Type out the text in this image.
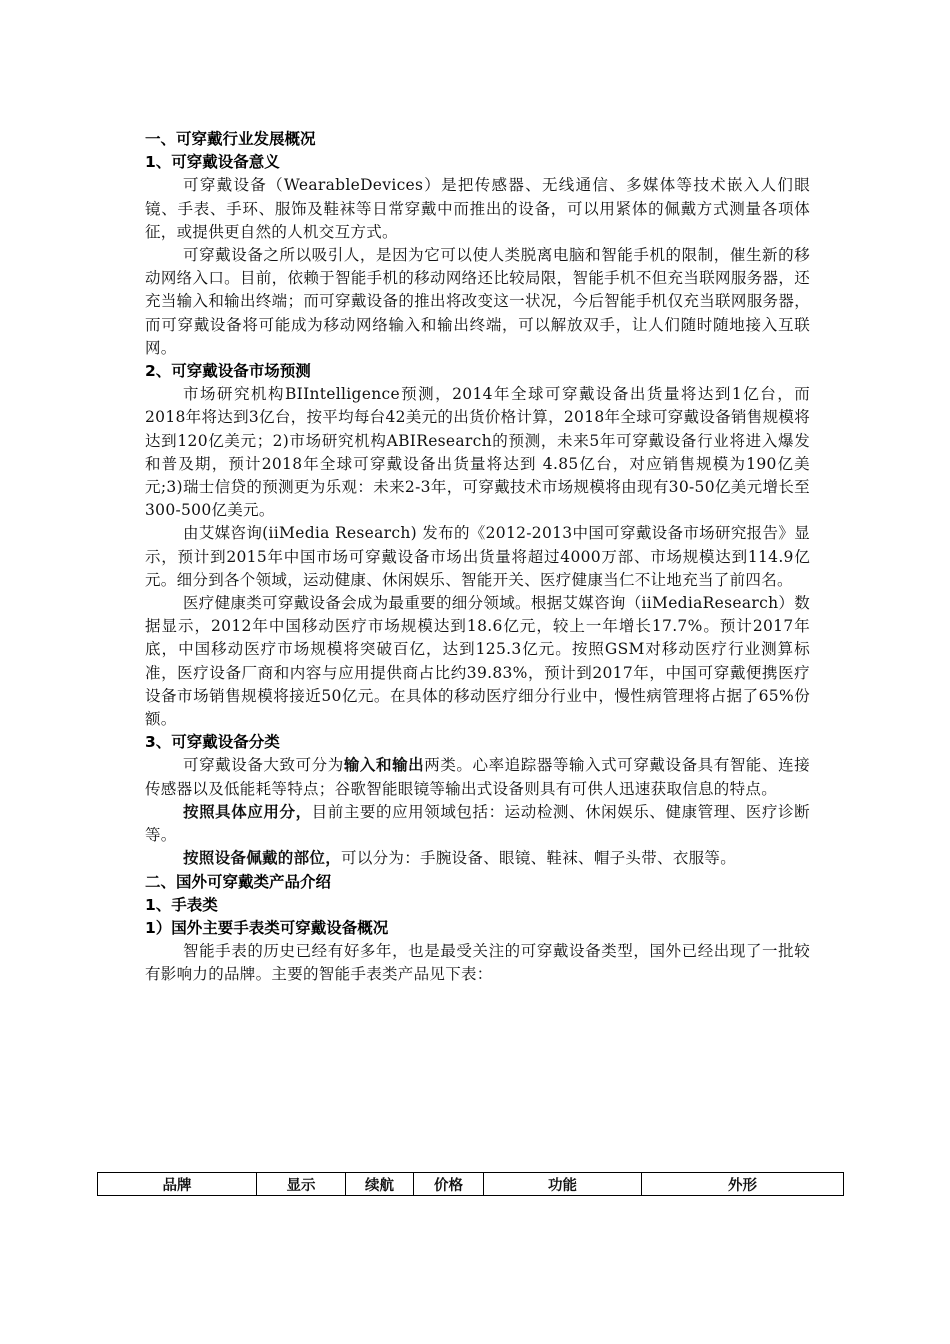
一、可穿戴行业发展概况
1、可穿戴设备意义

可穿戴设备（WearableDevices）是把传感器、无线通信、多媒体等技术嵌入人们眼镜、手表、手环、服饰及鞋袜等日常穿戴中而推出的设备，可以用紧体的佩戴方式测量各项体征，或提供更自然的人机交互方式。

可穿戴设备之所以吸引人，是因为它可以使人类脱离电脑和智能手机的限制，催生新的移动网络入口。目前，依赖于智能手机的移动网络还比较局限，智能手机不但充当联网服务器，还充当输入和输出终端；而可穿戴设备的推出将改变这一状况，今后智能手机仅充当联网服务器，而可穿戴设备将可能成为移动网络输入和输出终端，可以解放双手，让人们随时随地接入互联网。

2、可穿戴设备市场预测

市场研究机构BIIntelligence预测，2014年全球可穿戴设备出货量将达到1亿台，而2018年将达到3亿台，按平均每台42美元的出货价格计算，2018年全球可穿戴设备销售规模将达到120亿美元；2)市场研究机构ABIResearch的预测，未来5年可穿戴设备行业将进入爆发和普及期，预计2018年全球可穿戴设备出货量将达到 4.85亿台，对应销售规模为190亿美元;3)瑞士信贷的预测更为乐观：未来2-3年，可穿戴技术市场规模将由现有30-50亿美元增长至300-500亿美元。

由艾媒咨询(iiMedia Research) 发布的《2012-2013中国可穿戴设备市场研究报告》显示，预计到2015年中国市场可穿戴设备市场出货量将超过4000万部、市场规模达到114.9亿元。细分到各个领域，运动健康、休闲娱乐、智能开关、医疗健康当仁不让地充当了前四名。

医疗健康类可穿戴设备会成为最重要的细分领域。根据艾媒咨询（iiMediaResearch）数据显示，2012年中国移动医疗市场规模达到18.6亿元，较上一年增长17.7%。预计2017年底，中国移动医疗市场规模将突破百亿，达到125.3亿元。按照GSM对移动医疗行业测算标准，医疗设备厂商和内容与应用提供商占比约39.83%，预计到2017年，中国可穿戴便携医疗设备市场销售规模将接近50亿元。在具体的移动医疗细分行业中，慢性病管理将占据了65%份额。

3、可穿戴设备分类

可穿戴设备大致可分为输入和输出两类。心率追踪器等输入式可穿戴设备具有智能、连接传感器以及低能耗等特点；谷歌智能眼镜等输出式设备则具有可供人迅速获取信息的特点。

按照具体应用分，目前主要的应用领域包括：运动检测、休闲娱乐、健康管理、医疗诊断等。

按照设备佩戴的部位，可以分为：手腕设备、眼镜、鞋袜、帽子头带、衣服等。

二、国外可穿戴类产品介绍
1、手表类
1）国外主要手表类可穿戴设备概况

智能手表的历史已经有好多年，也是最受关注的可穿戴设备类型，国外已经出现了一批较有影响力的品牌。主要的智能手表类产品见下表：

品牌	显示	续航	价格	功能	外形
